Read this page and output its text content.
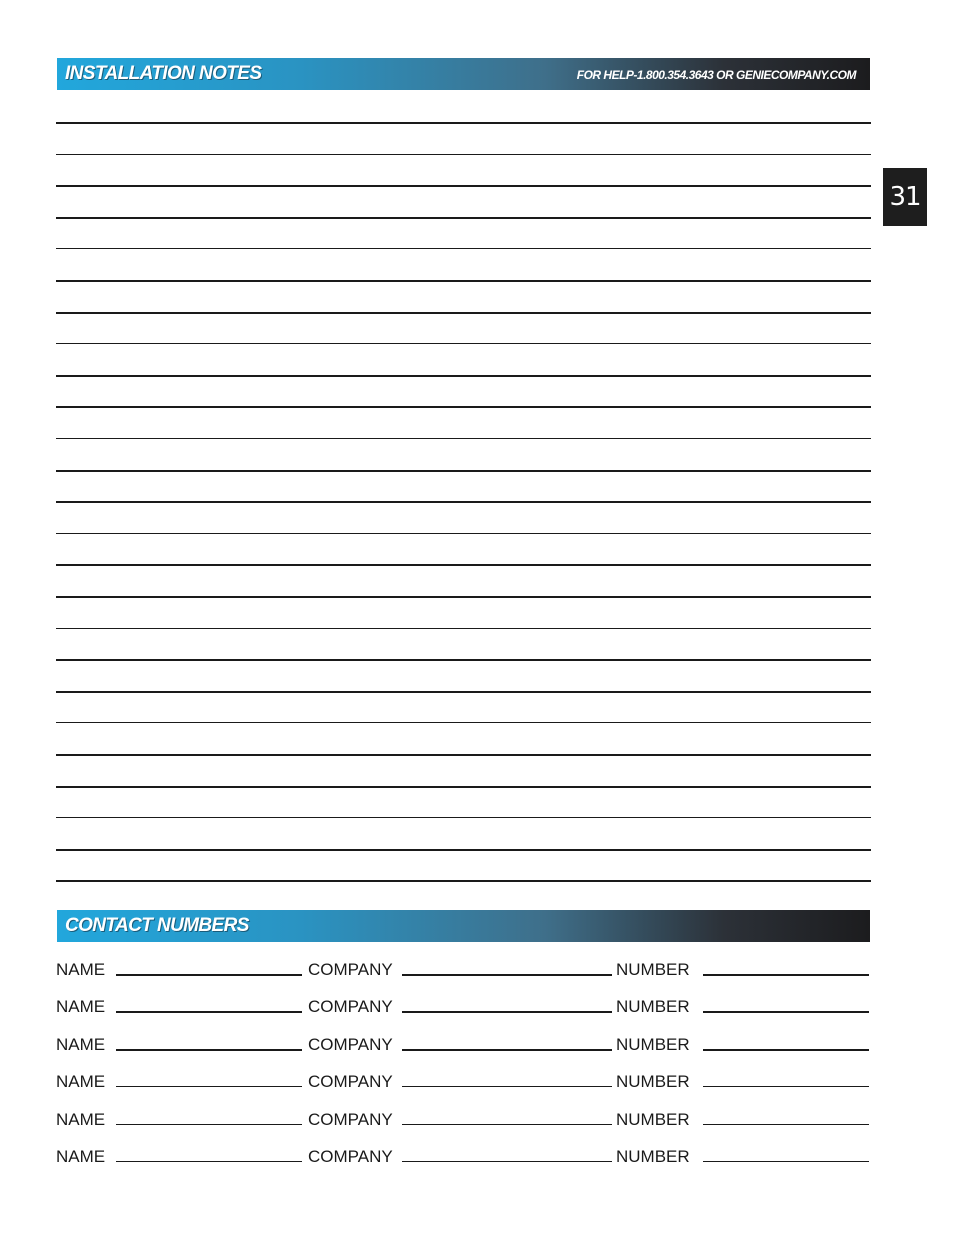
INSTALLATION NOTES	FOR HELP-1.800.354.3643 OR GENIECOMPANY.COM
31
CONTACT NUMBERS
NAME	COMPANY	NUMBER
NAME	COMPANY	NUMBER
NAME	COMPANY	NUMBER
NAME	COMPANY	NUMBER
NAME	COMPANY	NUMBER
NAME	COMPANY	NUMBER
